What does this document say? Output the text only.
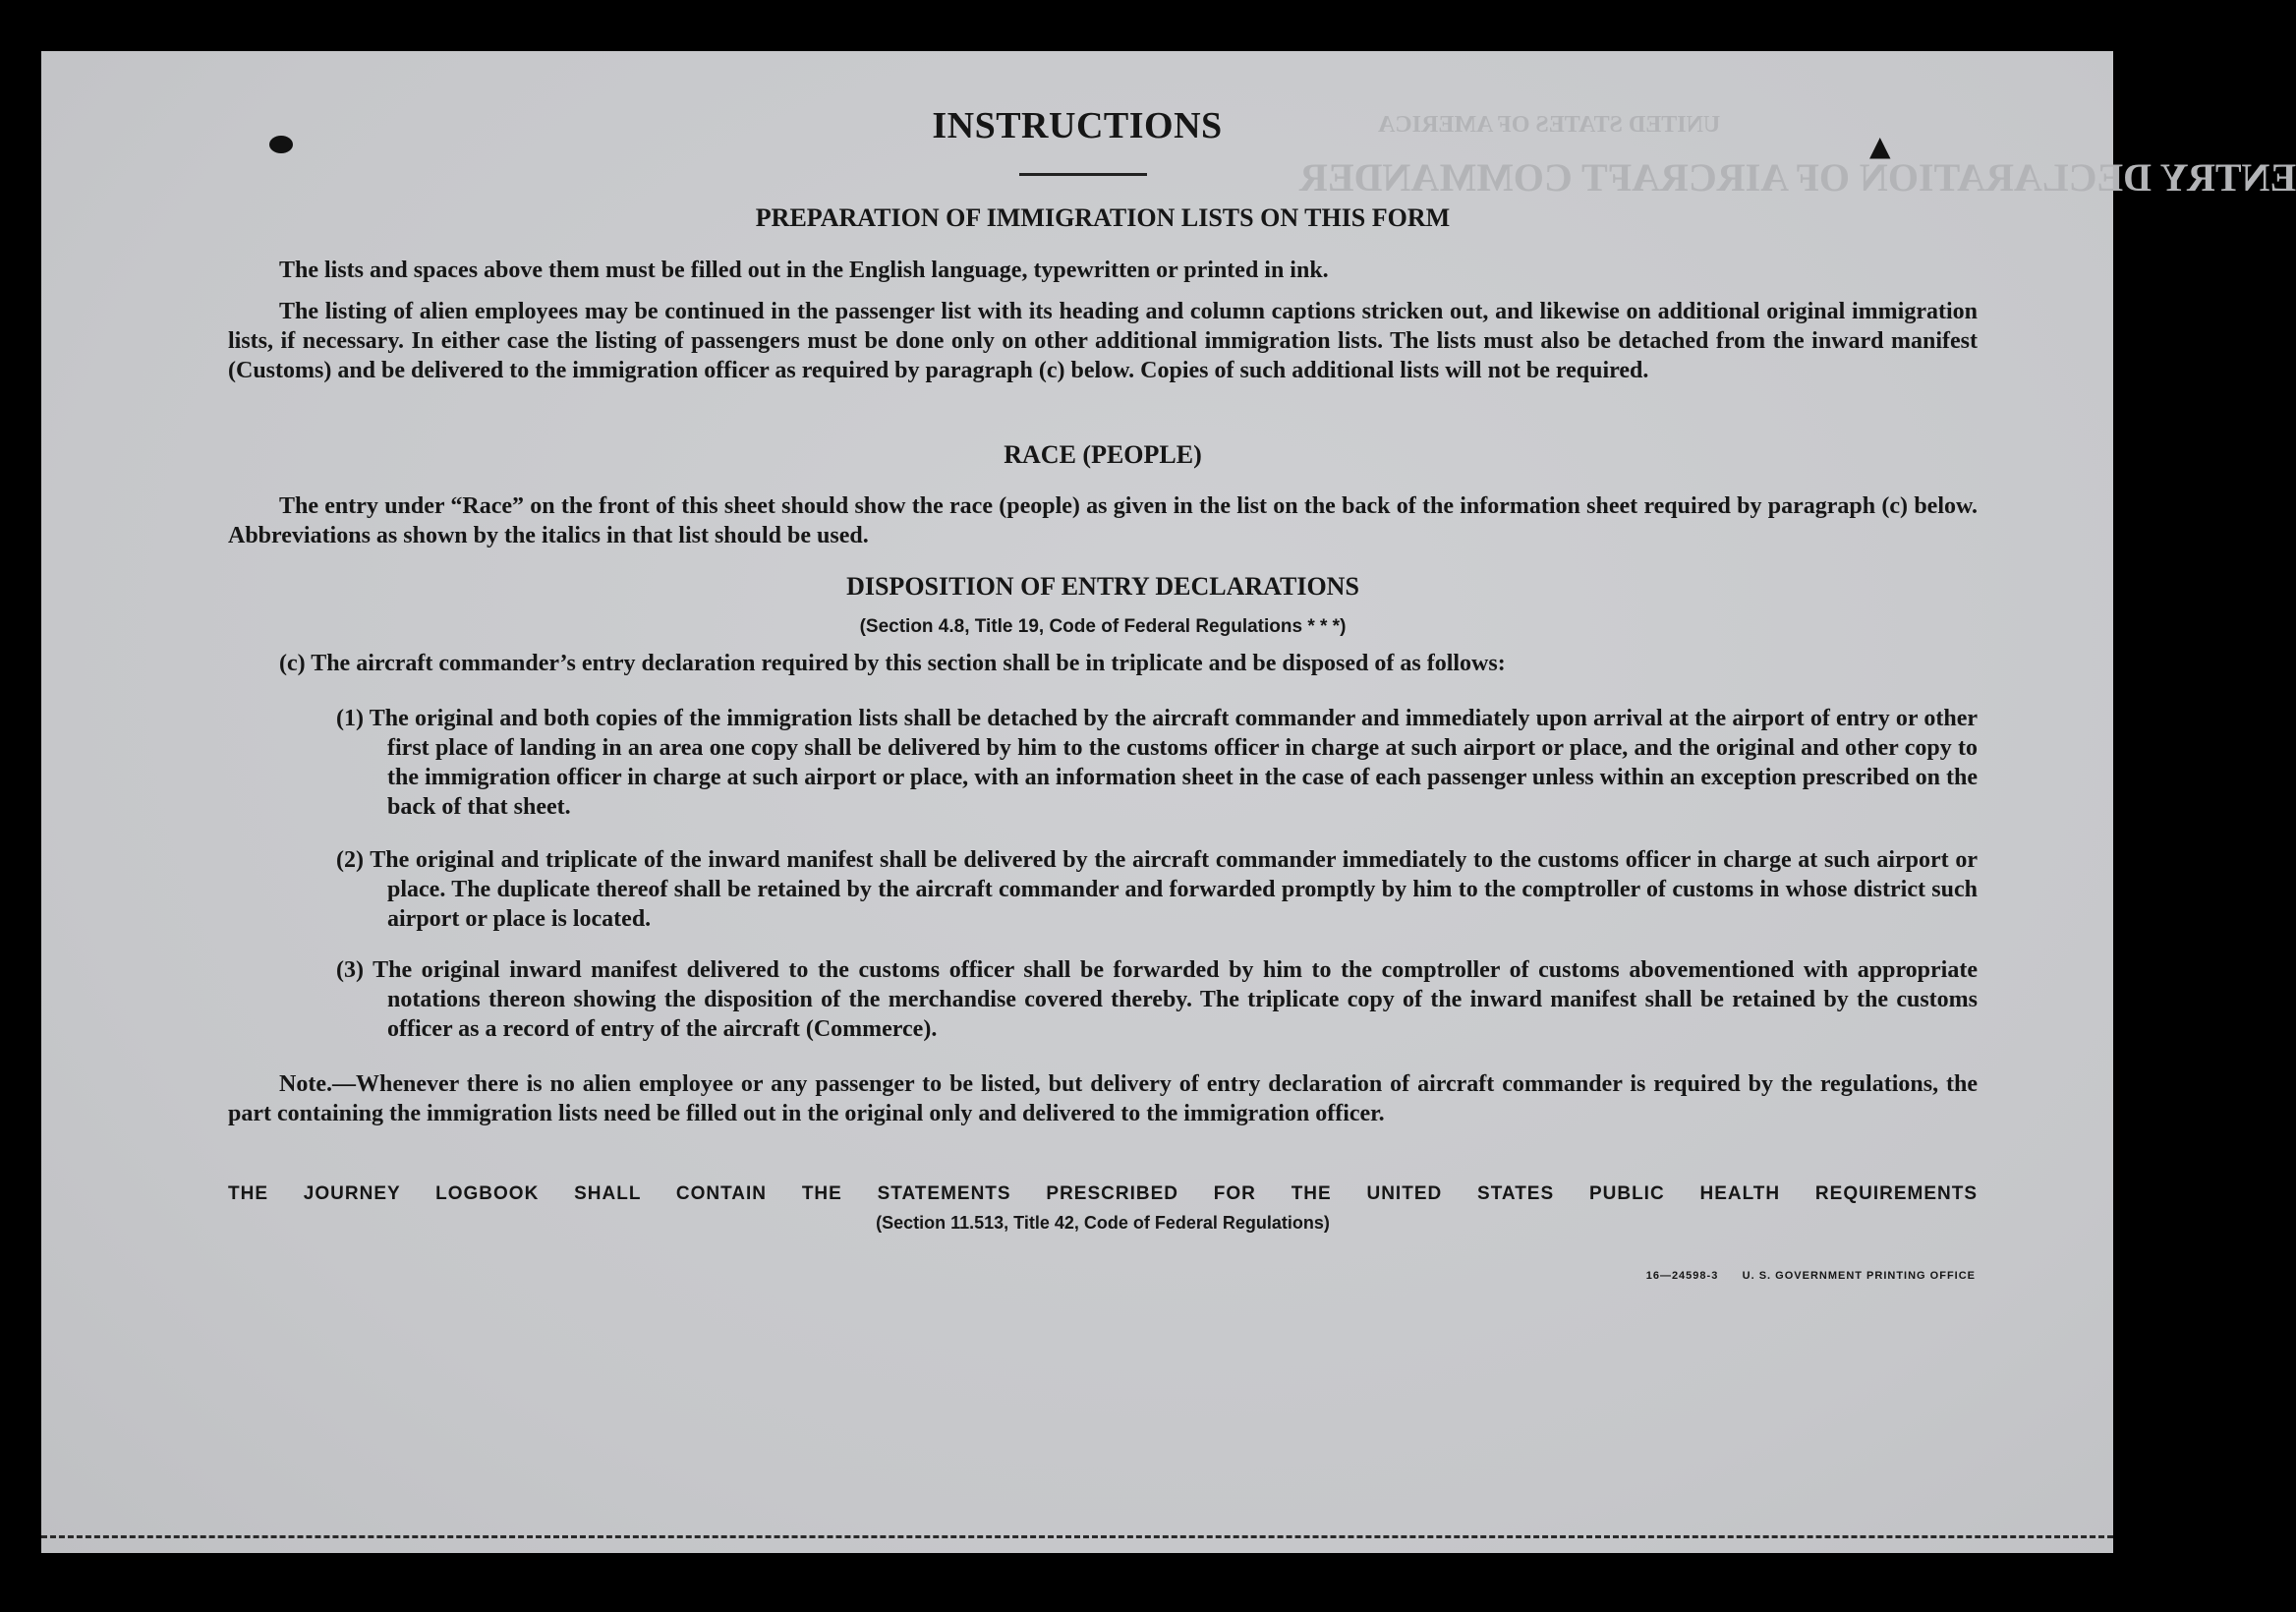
ENTRY DECLARATION OF AIRCRAFT COMMANDER
UNITED STATES OF AMERICA
▲
INSTRUCTIONS
PREPARATION OF IMMIGRATION LISTS ON THIS FORM
The lists and spaces above them must be filled out in the English language, typewritten or printed in ink.
The listing of alien employees may be continued in the passenger list with its heading and column captions stricken out, and likewise on additional original immigration lists, if necessary. In either case the listing of passengers must be done only on other additional immigration lists. The lists must also be detached from the inward manifest (Customs) and be delivered to the immigration officer as required by paragraph (c) below. Copies of such additional lists will not be required.
RACE (PEOPLE)
The entry under “Race” on the front of this sheet should show the race (people) as given in the list on the back of the information sheet required by paragraph (c) below. Abbreviations as shown by the italics in that list should be used.
DISPOSITION OF ENTRY DECLARATIONS
(Section 4.8, Title 19, Code of Federal Regulations * * *)
(c) The aircraft commander’s entry declaration required by this section shall be in triplicate and be disposed of as follows:
(1) The original and both copies of the immigration lists shall be detached by the aircraft commander and immediately upon arrival at the airport of entry or other first place of landing in an area one copy shall be delivered by him to the customs officer in charge at such airport or place, and the original and other copy to the immigration officer in charge at such airport or place, with an information sheet in the case of each passenger unless within an exception prescribed on the back of that sheet.
(2) The original and triplicate of the inward manifest shall be delivered by the aircraft commander immediately to the customs officer in charge at such airport or place. The duplicate thereof shall be retained by the aircraft commander and forwarded promptly by him to the comptroller of customs in whose district such airport or place is located.
(3) The original inward manifest delivered to the customs officer shall be forwarded by him to the comptroller of customs abovementioned with appropriate notations thereon showing the disposition of the merchandise covered thereby. The triplicate copy of the inward manifest shall be retained by the customs officer as a record of entry of the aircraft (Commerce).
Note.—Whenever there is no alien employee or any passenger to be listed, but delivery of entry declaration of aircraft commander is required by the regulations, the part containing the immigration lists need be filled out in the original only and delivered to the immigration officer.
THE JOURNEY LOGBOOK SHALL CONTAIN THE STATEMENTS PRESCRIBED FOR THE UNITED STATES PUBLIC HEALTH REQUIREMENTS
(Section 11.513, Title 42, Code of Federal Regulations)
16—24598-3 U. S. GOVERNMENT PRINTING OFFICE
